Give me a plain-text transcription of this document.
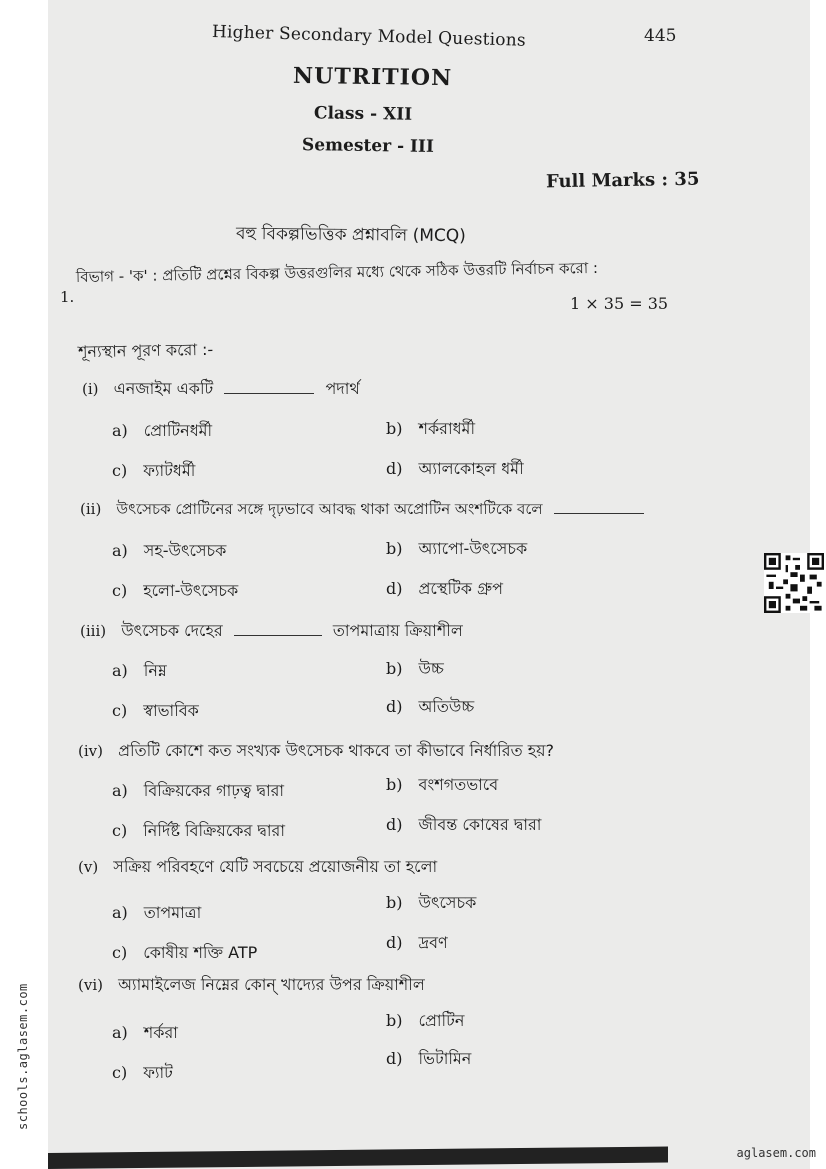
Higher Secondary Model Questions	445
NUTRITION
Class - XII
Semester - III
Full Marks : 35
বহু বিকল্পভিত্তিক প্রশ্নাবলি (MCQ)
1.
বিভাগ - 'ক' : প্রতিটি প্রশ্নের বিকল্প উত্তরগুলির মধ্যে থেকে সঠিক উত্তরটি নির্বাচন করো :
1 × 35 = 35
শূন্যস্থান পূরণ করো :-
(i) এনজাইম একটি	পদার্থ
a) প্রোটিনধর্মী	b) শর্করাধর্মী
c) ফ্যাটধর্মী	d) অ্যালকোহল ধর্মী
(ii) উৎসেচক প্রোটিনের সঙ্গে দৃঢ়ভাবে আবদ্ধ থাকা অপ্রোটিন অংশটিকে বলে
a) সহ-উৎসেচক	b) অ্যাপো-উৎসেচক
c) হলো-উৎসেচক	d) প্রস্থেটিক গ্রুপ
(iii) উৎসেচক দেহের	তাপমাত্রায় ক্রিয়াশীল
a) নিম্ন	b) উচ্চ
c) স্বাভাবিক	d) অতিউচ্চ
(iv) প্রতিটি কোশে কত সংখ্যক উৎসেচক থাকবে তা কীভাবে নির্ধারিত হয়?
a) বিক্রিয়কের গাঢ়ত্ব দ্বারা	b) বংশগতভাবে
c) নির্দিষ্ট বিক্রিয়কের দ্বারা	d) জীবন্ত কোষের দ্বারা
(v) সক্রিয় পরিবহণে যেটি সবচেয়ে প্রয়োজনীয় তা হলো
a) তাপমাত্রা
b) উৎসেচক
c) কোষীয় শক্তি ATP
d) দ্রবণ
(vi) অ্যামাইলেজ নিম্নের কোন্ খাদ্যের উপর ক্রিয়াশীল
a) শর্করা
b) প্রোটিন
c) ফ্যাট
d) ভিটামিন
schools.aglasem.com
aglasem.com
